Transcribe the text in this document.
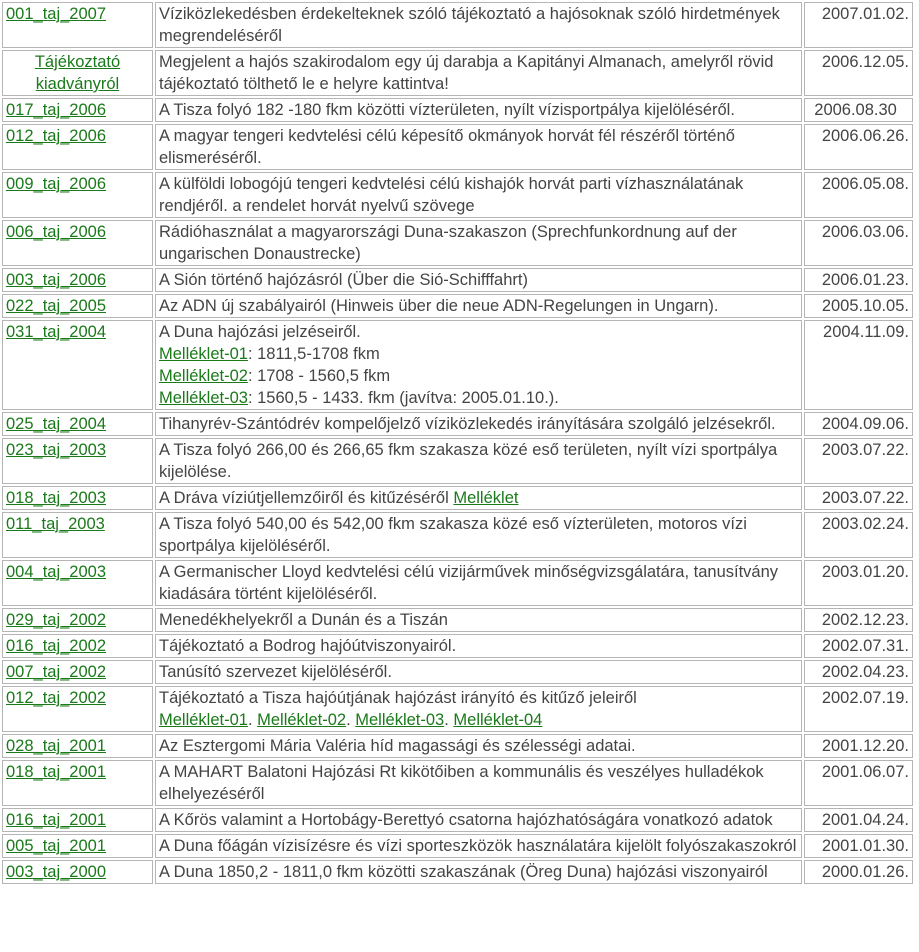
001_taj_2007	Víziközlekedésben érdekelteknek szóló tájékoztató a hajósoknak szóló hirdetmények megrendeléséről	2007.01.02.
Tájékoztató kiadványról	Megjelent a hajós szakirodalom egy új darabja a Kapitányi Almanach, amelyről rövid tájékoztató tölthető le e helyre kattintva!	2006.12.05.
017_taj_2006	A Tisza folyó 182 -180 fkm közötti vízterületen, nyílt vízisportpálya kijelöléséről.	2006.08.30
012_taj_2006	A magyar tengeri kedvtelési célú képesítő okmányok horvát fél részéről történő elismeréséről.	2006.06.26.
009_taj_2006	A külföldi lobogójú tengeri kedvtelési célú kishajók horvát parti vízhasználatának rendjéről. a rendelet horvát nyelvű szövege	2006.05.08.
006_taj_2006	Rádióhasználat a magyarországi Duna-szakaszon (Sprechfunkordnung auf der ungarischen Donaustrecke)	2006.03.06.
003_taj_2006	A Sión történő hajózásról (Über die Sió-Schifffahrt)	2006.01.23.
022_taj_2005	Az ADN új szabályairól (Hinweis über die neue ADN-Regelungen in Ungarn).	2005.10.05.
031_taj_2004	A Duna hajózási jelzéseiről.
Melléklet-01: 1811,5-1708 fkm
Melléklet-02: 1708 - 1560,5 fkm
Melléklet-03: 1560,5 - 1433. fkm (javítva: 2005.01.10.).	2004.11.09.
025_taj_2004	Tihanyrév-Szántódrév kompelőjelző víziközlekedés irányítására szolgáló jelzésekről.	2004.09.06.
023_taj_2003	A Tisza folyó 266,00 és 266,65 fkm szakasza közé eső területen, nyílt vízi sportpálya kijelölése.	2003.07.22.
018_taj_2003	A Dráva víziútjellemzőiről és kitűzéséről Melléklet	2003.07.22.
011_taj_2003	A Tisza folyó 540,00 és 542,00 fkm szakasza közé eső vízterületen, motoros vízi sportpálya kijelöléséről.	2003.02.24.
004_taj_2003	A Germanischer Lloyd kedvtelési célú vizijárművek minőségvizsgálatára, tanusítvány kiadására történt kijelöléséről.	2003.01.20.
029_taj_2002	Menedékhelyekről a Dunán és a Tiszán	2002.12.23.
016_taj_2002	Tájékoztató a Bodrog hajóútviszonyairól.	2002.07.31.
007_taj_2002	Tanúsító szervezet kijelöléséről.	2002.04.23.
012_taj_2002	Tájékoztató a Tisza hajóútjának hajózást irányító és kitűző jeleiről
Melléklet-01. Melléklet-02. Melléklet-03. Melléklet-04	2002.07.19.
028_taj_2001	Az Esztergomi Mária Valéria híd magassági és szélességi adatai.	2001.12.20.
018_taj_2001	A MAHART Balatoni Hajózási Rt kikötőiben a kommunális és veszélyes hulladékok elhelyezéséről	2001.06.07.
016_taj_2001	A Kőrös valamint a Hortobágy-Berettyó csatorna hajózhatóságára vonatkozó adatok	2001.04.24.
005_taj_2001	A Duna főágán vízisízésre és vízi sporteszközök használatára kijelölt folyószakaszokról	2001.01.30.
003_taj_2000	A Duna 1850,2 - 1811,0 fkm közötti szakaszának (Öreg Duna) hajózási viszonyairól	2000.01.26.
